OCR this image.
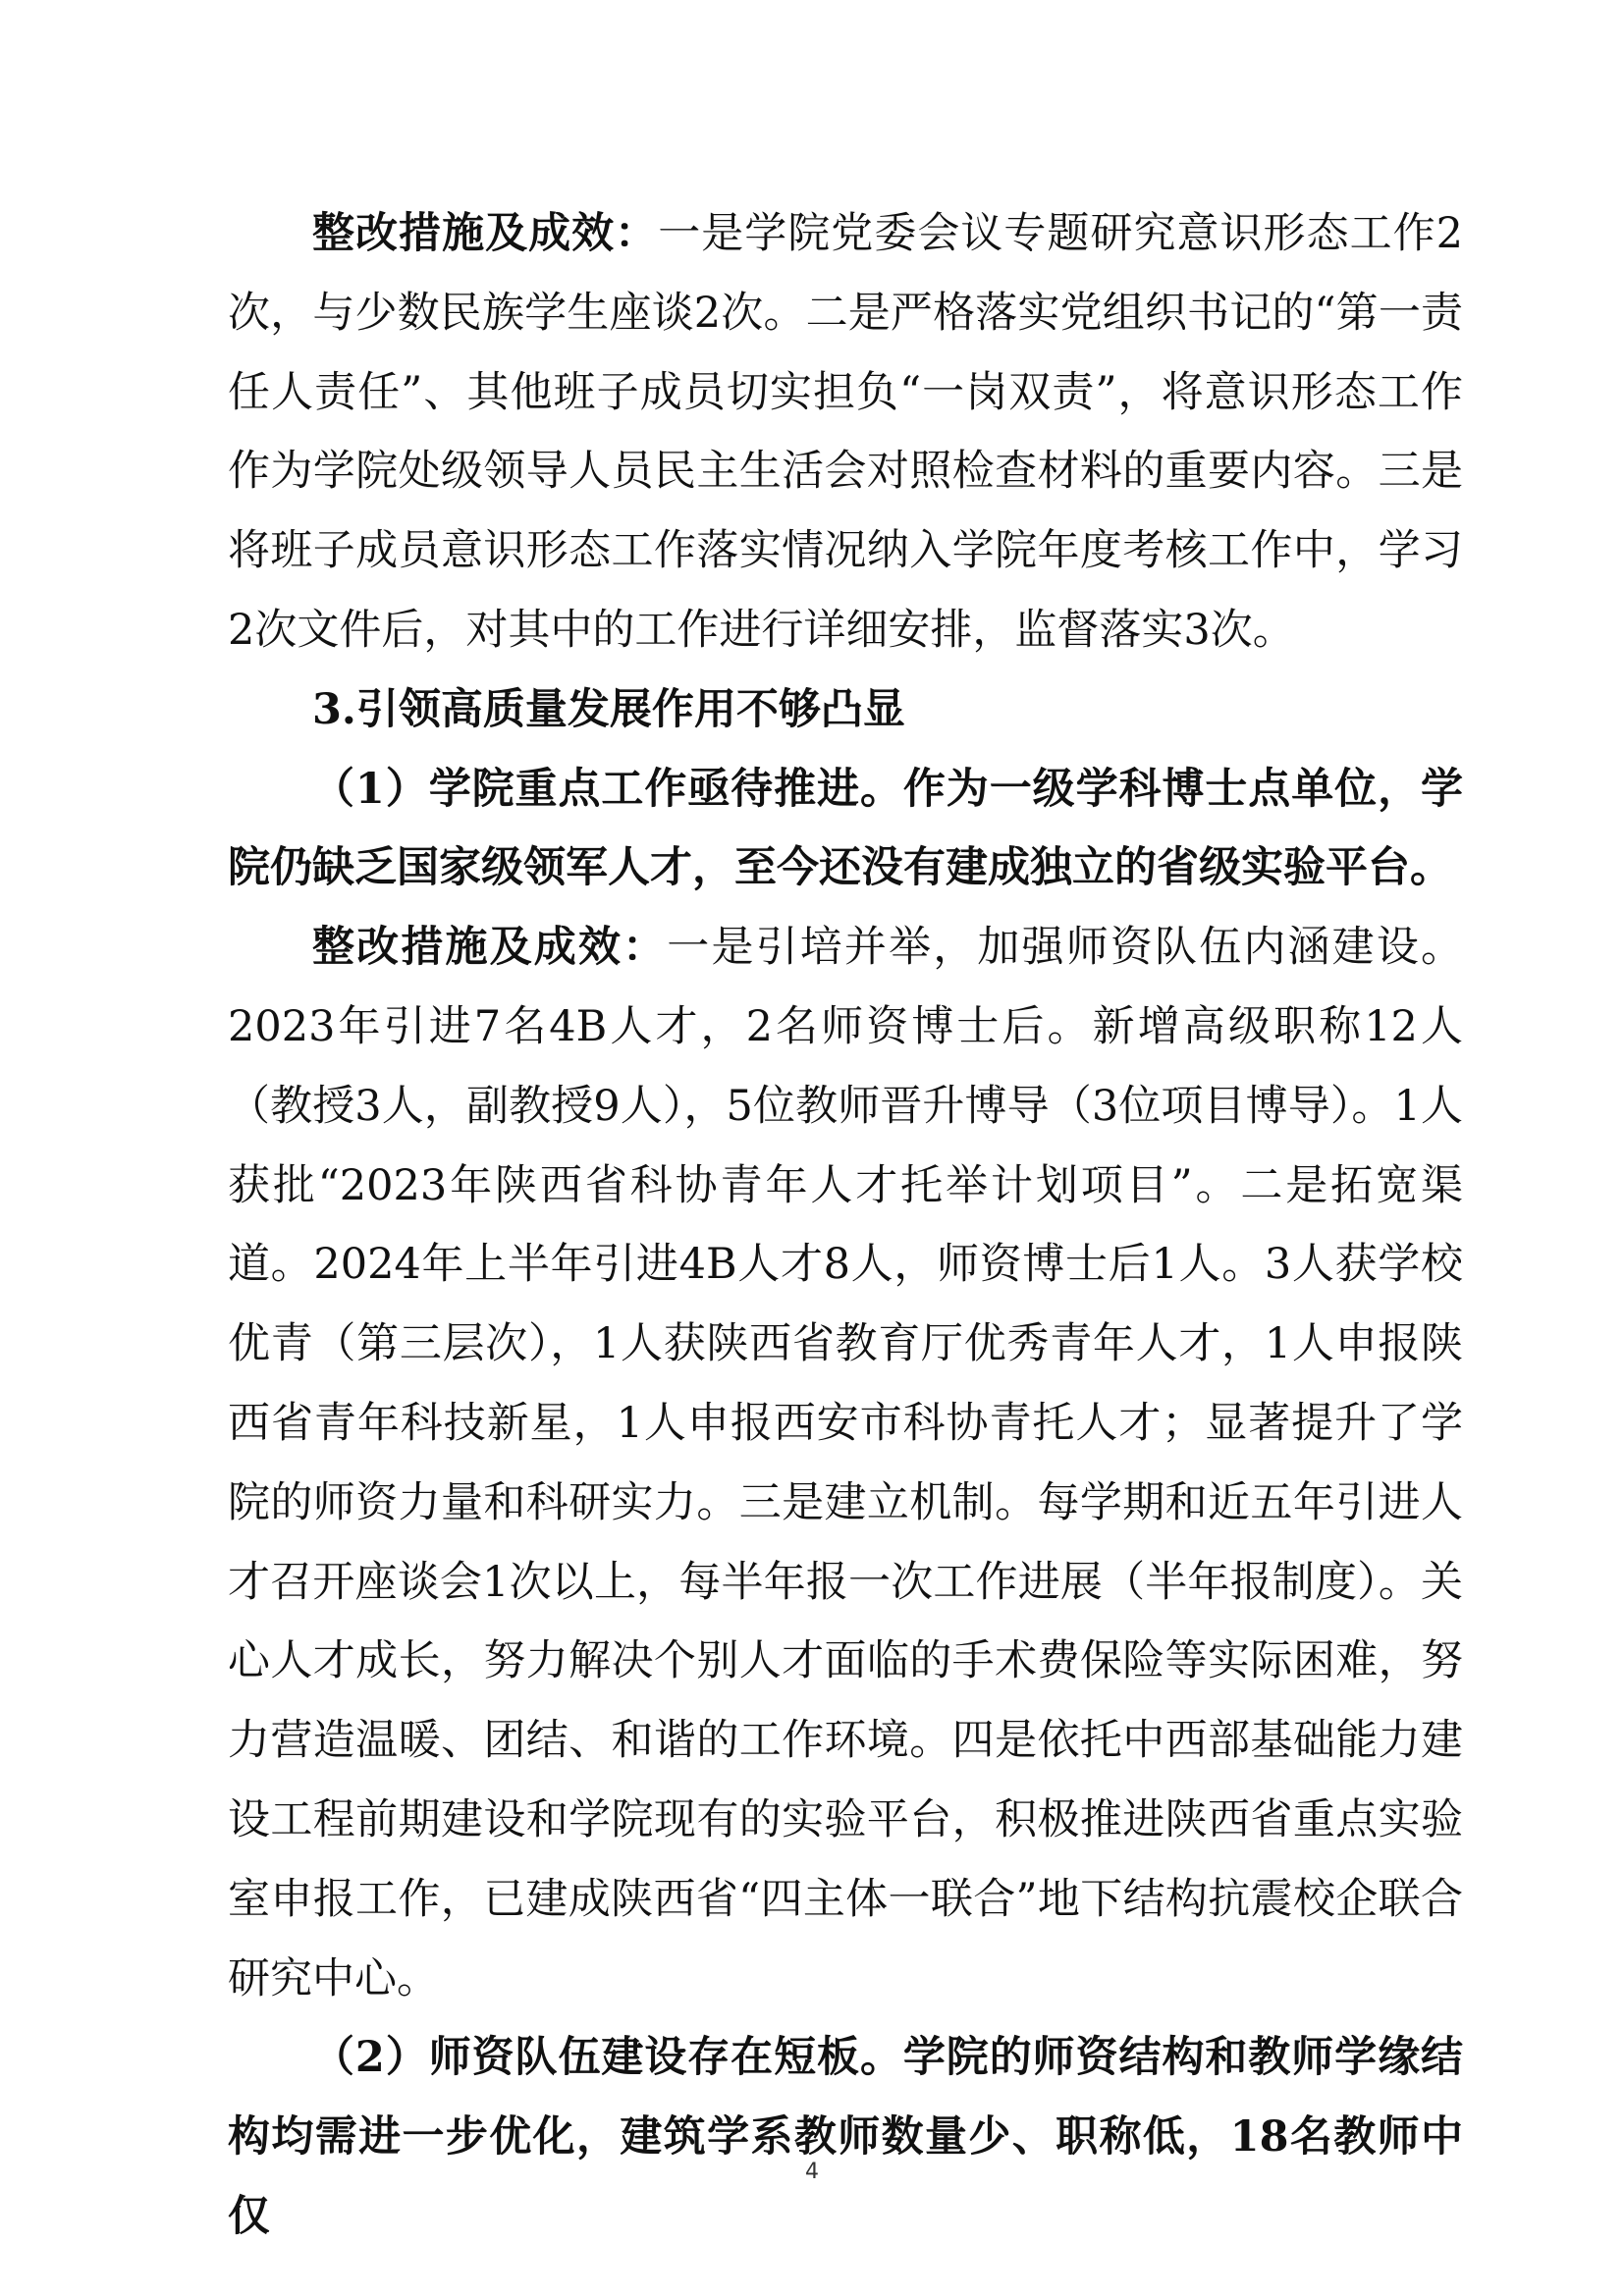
整改措施及成效：一是学院党委会议专题研究意识形态工作2次，与少数民族学生座谈2次。二是严格落实党组织书记的“第一责任人责任”、其他班子成员切实担负“一岗双责”，将意识形态工作作为学院处级领导人员民主生活会对照检查材料的重要内容。三是将班子成员意识形态工作落实情况纳入学院年度考核工作中，学习2次文件后，对其中的工作进行详细安排，监督落实3次。

3.引领高质量发展作用不够凸显

（1）学院重点工作亟待推进。作为一级学科博士点单位，学院仍缺乏国家级领军人才，至今还没有建成独立的省级实验平台。

整改措施及成效：一是引培并举，加强师资队伍内涵建设。2023年引进7名4B人才，2名师资博士后。新增高级职称12人（教授3人，副教授9人），5位教师晋升博导（3位项目博导）。1人获批“2023年陕西省科协青年人才托举计划项目”。二是拓宽渠道。2024年上半年引进4B人才8人，师资博士后1人。3人获学校优青（第三层次），1人获陕西省教育厅优秀青年人才，1人申报陕西省青年科技新星，1人申报西安市科协青托人才；显著提升了学院的师资力量和科研实力。三是建立机制。每学期和近五年引进人才召开座谈会1次以上，每半年报一次工作进展（半年报制度）。关心人才成长，努力解决个别人才面临的手术费保险等实际困难，努力营造温暖、团结、和谐的工作环境。四是依托中西部基础能力建设工程前期建设和学院现有的实验平台，积极推进陕西省重点实验室申报工作，已建成陕西省“四主体一联合”地下结构抗震校企联合研究中心。

（2）师资队伍建设存在短板。学院的师资结构和教师学缘结构均需进一步优化，建筑学系教师数量少、职称低，18名教师中仅

4
